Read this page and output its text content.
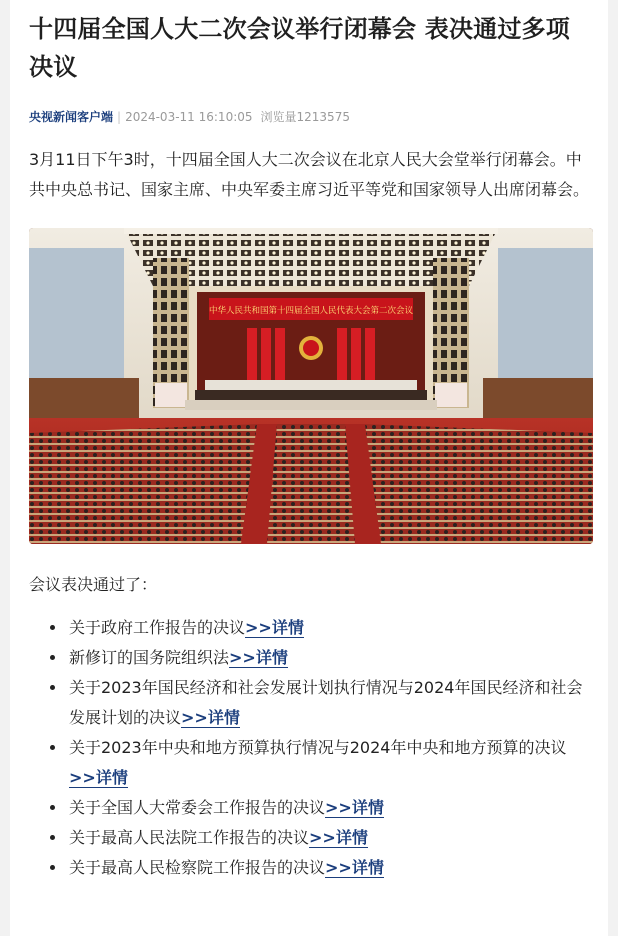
十四届全国人大二次会议举行闭幕会 表决通过多项决议
央视新闻客户端 | 2024-03-11 16:10:05 浏览量1213575

3月11日下午3时，十四届全国人大二次会议在北京人民大会堂举行闭幕会。中共中央总书记、国家主席、中央军委主席习近平等党和国家领导人出席闭幕会。

中华人民共和国第十四届全国人民代表大会第二次会议

会议表决通过了：

• 关于政府工作报告的决议>>详情
• 新修订的国务院组织法>>详情
• 关于2023年国民经济和社会发展计划执行情况与2024年国民经济和社会发展计划的决议>>详情
• 关于2023年中央和地方预算执行情况与2024年中央和地方预算的决议>>详情
• 关于全国人大常委会工作报告的决议>>详情
• 关于最高人民法院工作报告的决议>>详情
• 关于最高人民检察院工作报告的决议>>详情
